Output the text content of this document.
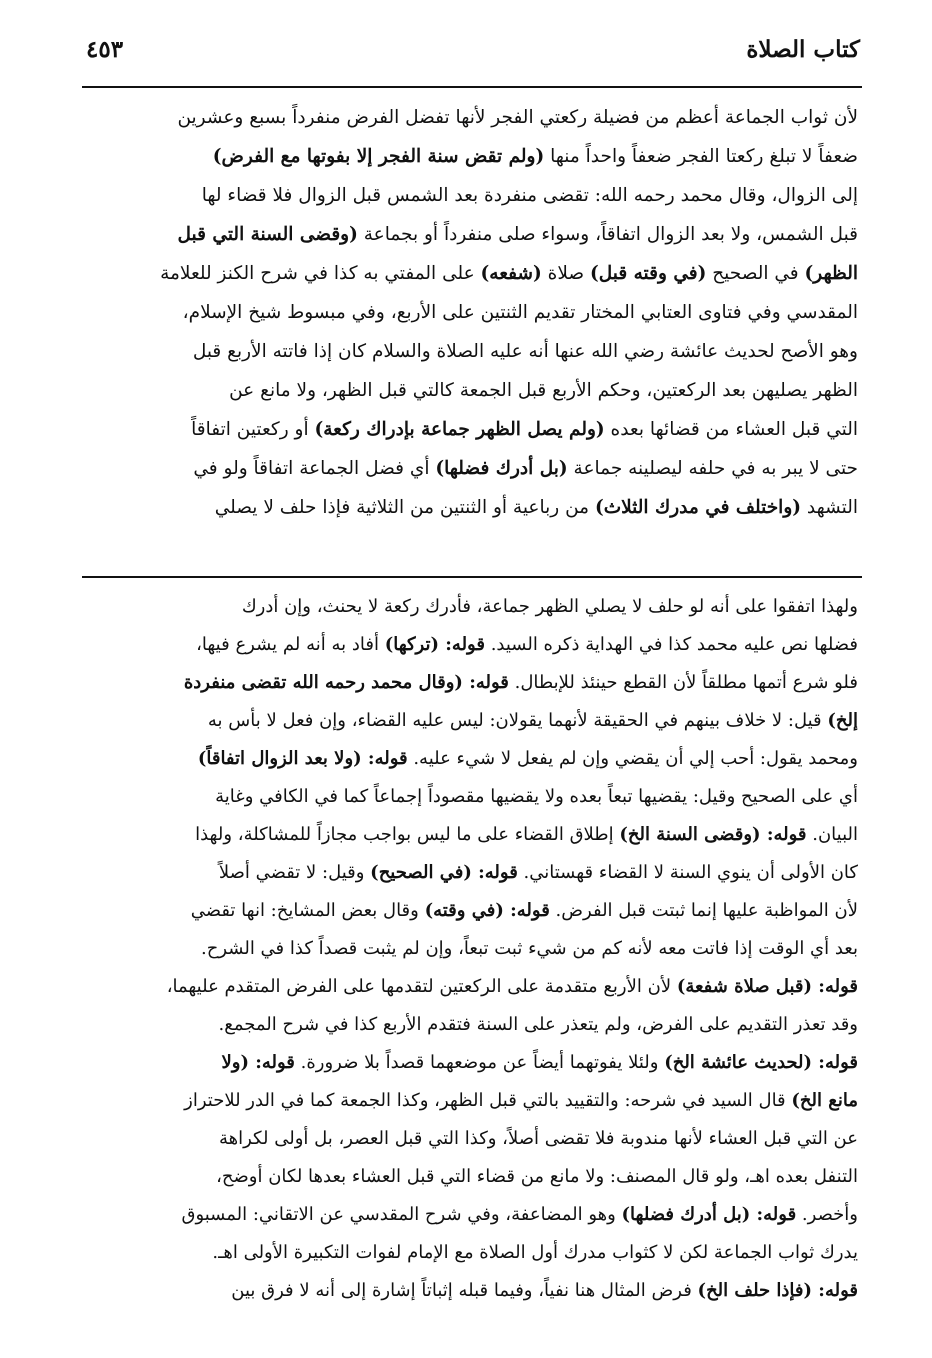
كتاب الصلاة
٤٥٣
لأن ثواب الجماعة أعظم من فضيلة ركعتي الفجر لأنها تفضل الفرض منفرداً بسبع وعشرين
ضعفاً لا تبلغ ركعتا الفجر ضعفاً واحداً منها (ولم تقض سنة الفجر إلا بفوتها مع الفرض)
إلى الزوال، وقال محمد رحمه الله: تقضى منفردة بعد الشمس قبل الزوال فلا قضاء لها
قبل الشمس، ولا بعد الزوال اتفاقاً، وسواء صلى منفرداً أو بجماعة (وقضى السنة التي قبل
الظهر) في الصحيح (في وقته قبل) صلاة (شفعه) على المفتي به كذا في شرح الكنز للعلامة
المقدسي وفي فتاوى العتابي المختار تقديم الثنتين على الأربع، وفي مبسوط شيخ الإسلام،
وهو الأصح لحديث عائشة رضي الله عنها أنه عليه الصلاة والسلام كان إذا فاتته الأربع قبل
الظهر يصليهن بعد الركعتين، وحكم الأربع قبل الجمعة كالتي قبل الظهر، ولا مانع عن
التي قبل العشاء من قضائها بعده (ولم يصل الظهر جماعة بإدراك ركعة) أو ركعتين اتفاقاً
حتى لا يبر به في حلفه ليصلينه جماعة (بل أدرك فضلها) أي فضل الجماعة اتفاقاً ولو في
التشهد (واختلف في مدرك الثلاث) من رباعية أو الثنتين من الثلاثية فإذا حلف لا يصلي
ولهذا اتفقوا على أنه لو حلف لا يصلي الظهر جماعة، فأدرك ركعة لا يحنث، وإن أدرك
فضلها نص عليه محمد كذا في الهداية ذكره السيد. قوله: (تركها) أفاد به أنه لم يشرع فيها،
فلو شرع أتمها مطلقاً لأن القطع حينئذ للإبطال. قوله: (وقال محمد رحمه الله تقضى منفردة
إلخ) قيل: لا خلاف بينهم في الحقيقة لأنهما يقولان: ليس عليه القضاء، وإن فعل لا بأس به
ومحمد يقول: أحب إلي أن يقضي وإن لم يفعل لا شيء عليه. قوله: (ولا بعد الزوال اتفاقاً)
أي على الصحيح وقيل: يقضيها تبعاً بعده ولا يقضيها مقصوداً إجماعاً كما في الكافي وغاية
البيان. قوله: (وقضى السنة الخ) إطلاق القضاء على ما ليس بواجب مجازاً للمشاكلة، ولهذا
كان الأولى أن ينوي السنة لا القضاء قهستاني. قوله: (في الصحيح) وقيل: لا تقضي أصلاً
لأن المواظبة عليها إنما ثبتت قبل الفرض. قوله: (في وقته) وقال بعض المشايخ: انها تقضي
بعد أي الوقت إذا فاتت معه لأنه كم من شيء ثبت تبعاً، وإن لم يثبت قصداً كذا في الشرح.
قوله: (قبل صلاة شفعة) لأن الأربع متقدمة على الركعتين لتقدمها على الفرض المتقدم عليهما،
وقد تعذر التقديم على الفرض، ولم يتعذر على السنة فتقدم الأربع كذا في شرح المجمع.
قوله: (لحديث عائشة الخ) ولئلا يفوتهما أيضاً عن موضعهما قصداً بلا ضرورة. قوله: (ولا
مانع الخ) قال السيد في شرحه: والتقييد بالتي قبل الظهر، وكذا الجمعة كما في الدر للاحتراز
عن التي قبل العشاء لأنها مندوبة فلا تقضى أصلاً، وكذا التي قبل العصر، بل أولى لكراهة
التنفل بعده اهـ، ولو قال المصنف: ولا مانع من قضاء التي قبل العشاء بعدها لكان أوضح،
وأخصر. قوله: (بل أدرك فضلها) وهو المضاعفة، وفي شرح المقدسي عن الاتقاني: المسبوق
يدرك ثواب الجماعة لكن لا كثواب مدرك أول الصلاة مع الإمام لفوات التكبيرة الأولى اهـ.
قوله: (فإذا حلف الخ) فرض المثال هنا نفياً، وفيما قبله إثباتاً إشارة إلى أنه لا فرق بين
